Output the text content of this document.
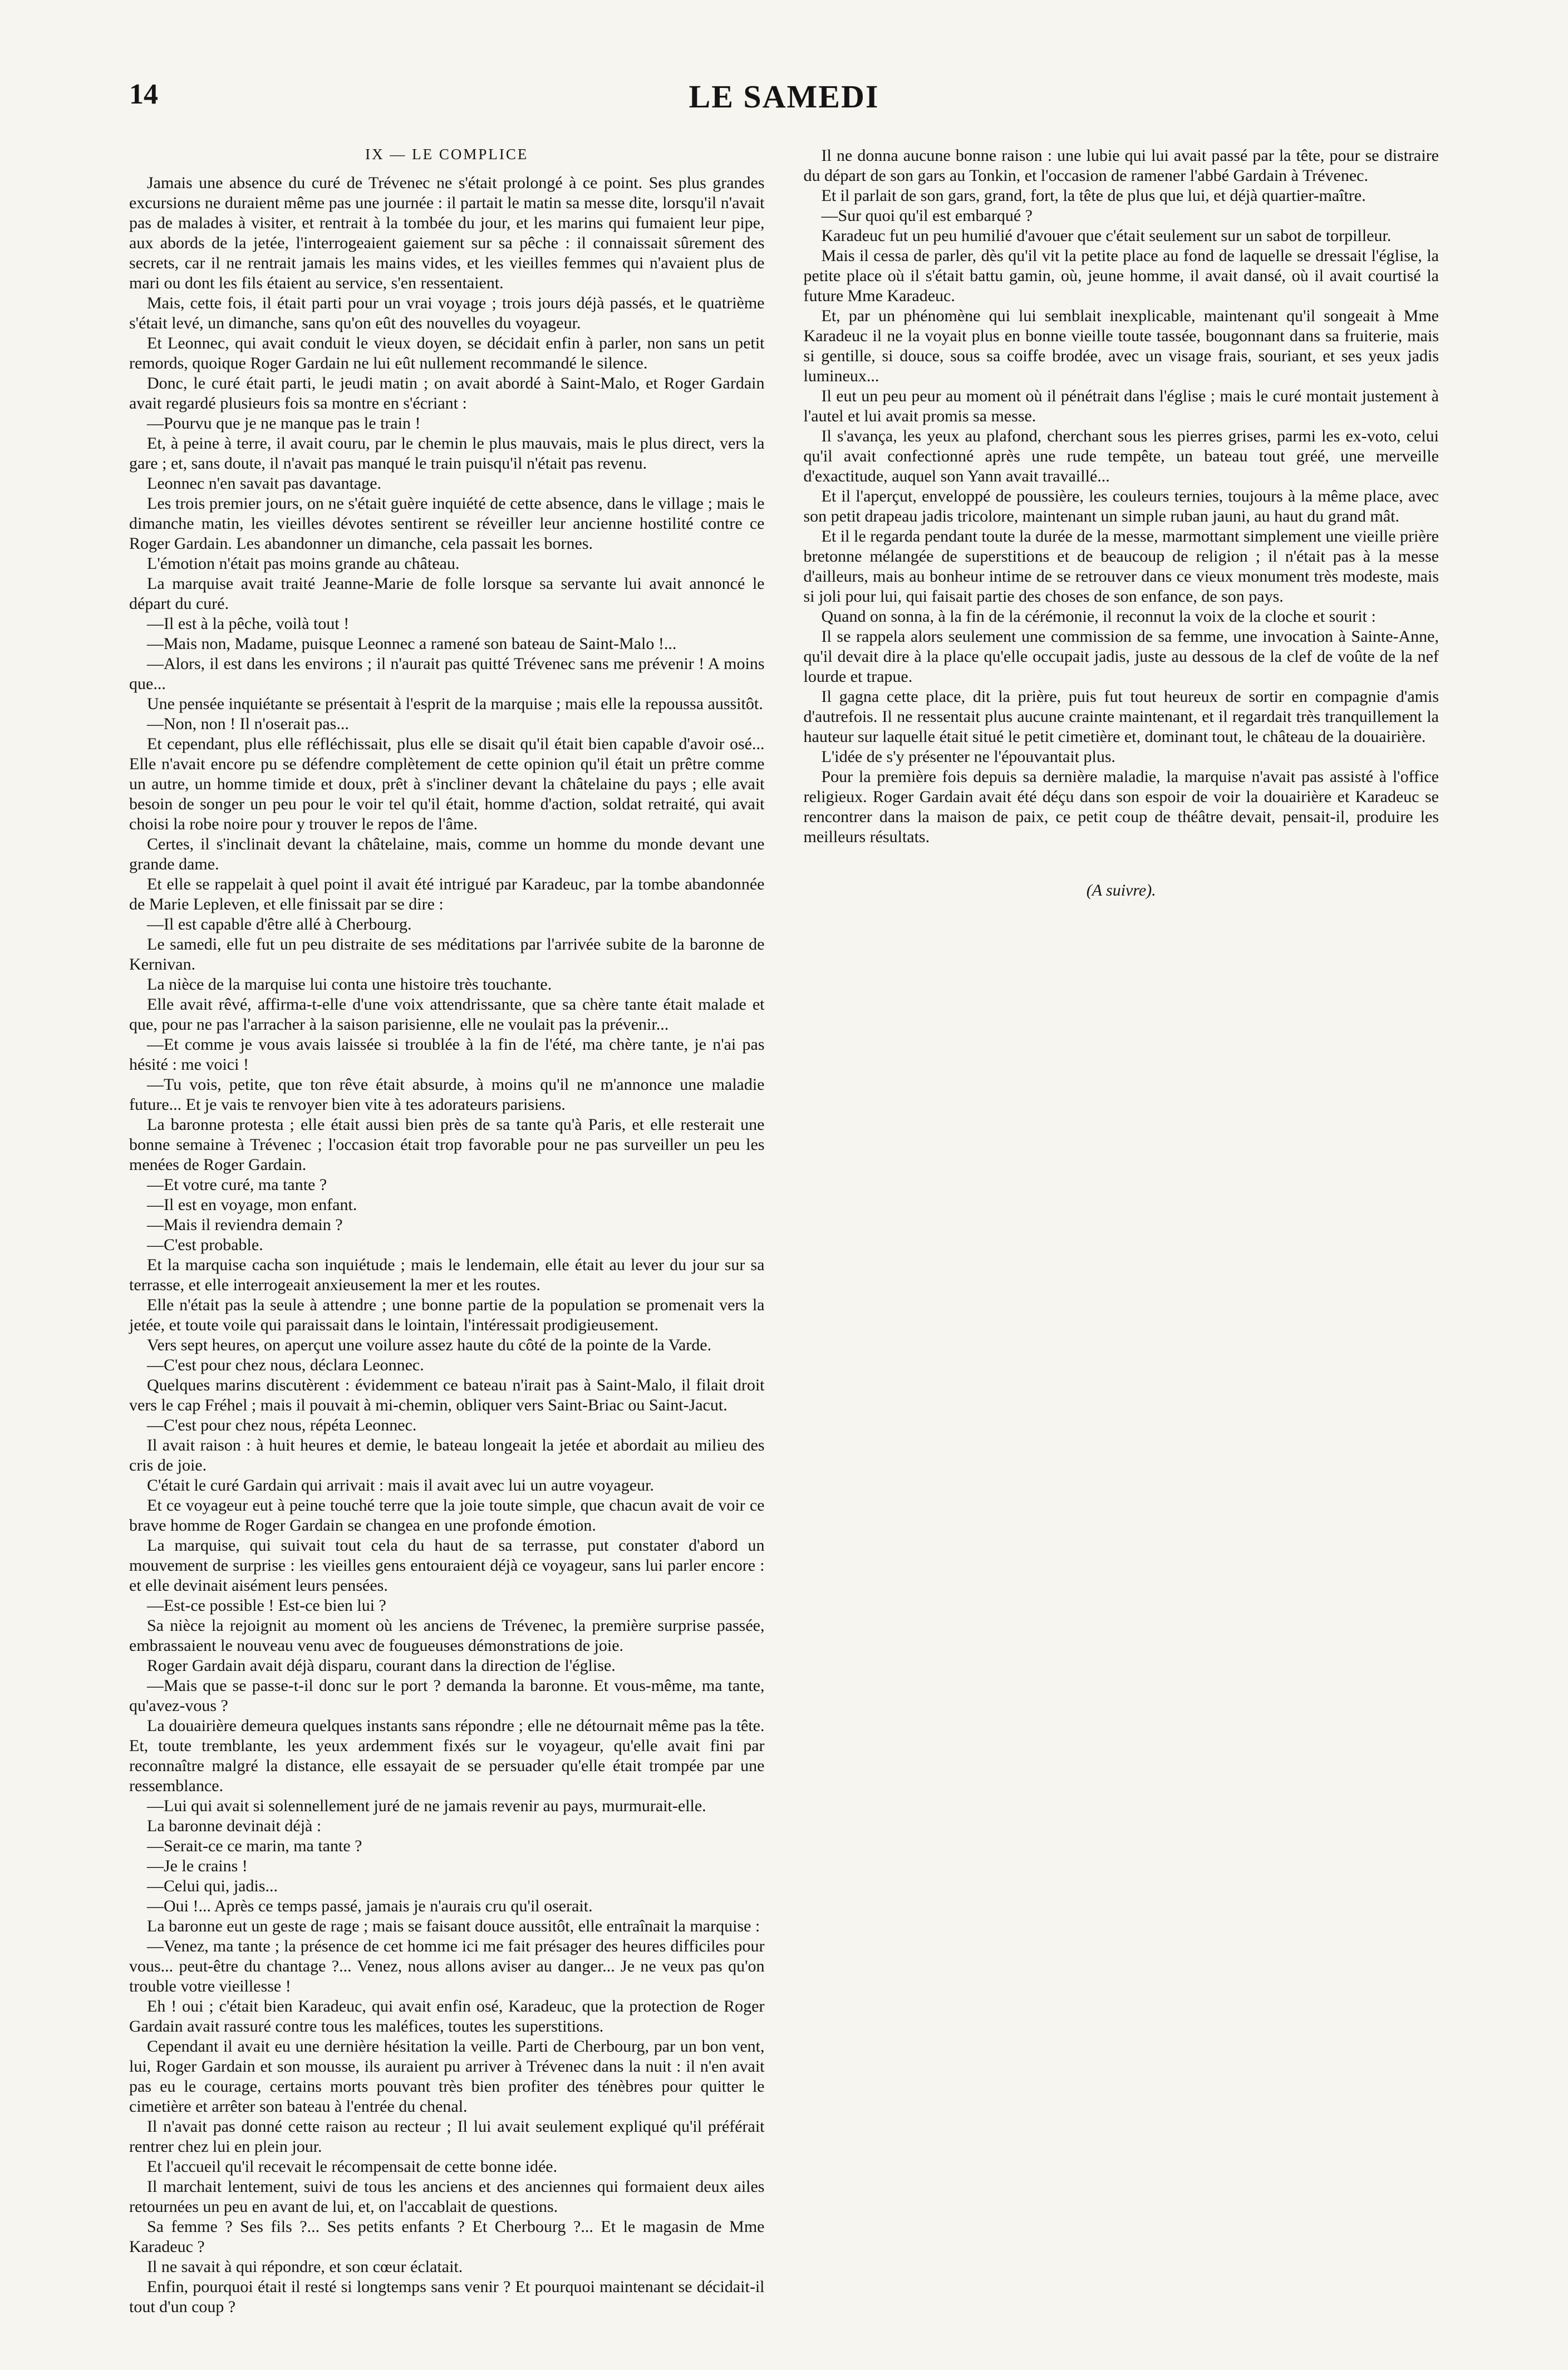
14	LE SAMEDI
IX — LE COMPLICE

Jamais une absence du curé de Trévenec ne s'était prolongé à ce point. Ses plus grandes excursions ne duraient même pas une journée : il partait le matin sa messe dite, lorsqu'il n'avait pas de malades à visiter, et rentrait à la tombée du jour, et les marins qui fumaient leur pipe, aux abords de la jetée, l'interrogeaient gaiement sur sa pêche : il connaissait sûrement des secrets, car il ne rentrait jamais les mains vides, et les vieilles femmes qui n'avaient plus de mari ou dont les fils étaient au service, s'en ressentaient.

Mais, cette fois, il était parti pour un vrai voyage ; trois jours déjà passés, et le quatrième s'était levé, un dimanche, sans qu'on eût des nouvelles du voyageur.

Et Leonnec, qui avait conduit le vieux doyen, se décidait enfin à parler, non sans un petit remords, quoique Roger Gardain ne lui eût nullement recommandé le silence.

Donc, le curé était parti, le jeudi matin ; on avait abordé à Saint-Malo, et Roger Gardain avait regardé plusieurs fois sa montre en s'écriant :

—Pourvu que je ne manque pas le train !

Et, à peine à terre, il avait couru, par le chemin le plus mauvais, mais le plus direct, vers la gare ; et, sans doute, il n'avait pas manqué le train puisqu'il n'était pas revenu.

Leonnec n'en savait pas davantage.

Les trois premier jours, on ne s'était guère inquiété de cette absence, dans le village ; mais le dimanche matin, les vieilles dévotes sentirent se réveiller leur ancienne hostilité contre ce Roger Gardain. Les abandonner un dimanche, cela passait les bornes.

L'émotion n'était pas moins grande au château.

La marquise avait traité Jeanne-Marie de folle lorsque sa servante lui avait annoncé le départ du curé.

—Il est à la pêche, voilà tout !

—Mais non, Madame, puisque Leonnec a ramené son bateau de Saint-Malo !...

—Alors, il est dans les environs ; il n'aurait pas quitté Trévenec sans me prévenir ! A moins que...

Une pensée inquiétante se présentait à l'esprit de la marquise ; mais elle la repoussa aussitôt.

—Non, non ! Il n'oserait pas...

Et cependant, plus elle réfléchissait, plus elle se disait qu'il était bien capable d'avoir osé... Elle n'avait encore pu se défendre complètement de cette opinion qu'il était un prêtre comme un autre, un homme timide et doux, prêt à s'incliner devant la châtelaine du pays ; elle avait besoin de songer un peu pour le voir tel qu'il était, homme d'action, soldat retraité, qui avait choisi la robe noire pour y trouver le repos de l'âme.

Certes, il s'inclinait devant la châtelaine, mais, comme un homme du monde devant une grande dame.

Et elle se rappelait à quel point il avait été intrigué par Karadeuc, par la tombe abandonnée de Marie Lepleven, et elle finissait par se dire :

—Il est capable d'être allé à Cherbourg.

Le samedi, elle fut un peu distraite de ses méditations par l'arrivée subite de la baronne de Kernivan.

La nièce de la marquise lui conta une histoire très touchante.

Elle avait rêvé, affirma-t-elle d'une voix attendrissante, que sa chère tante était malade et que, pour ne pas l'arracher à la saison parisienne, elle ne voulait pas la prévenir...

—Et comme je vous avais laissée si troublée à la fin de l'été, ma chère tante, je n'ai pas hésité : me voici !

—Tu vois, petite, que ton rêve était absurde, à moins qu'il ne m'annonce une maladie future... Et je vais te renvoyer bien vite à tes adorateurs parisiens.

La baronne protesta ; elle était aussi bien près de sa tante qu'à Paris, et elle resterait une bonne semaine à Trévenec ; l'occasion était trop favorable pour ne pas surveiller un peu les menées de Roger Gardain.

—Et votre curé, ma tante ?

—Il est en voyage, mon enfant.

—Mais il reviendra demain ?

—C'est probable.

Et la marquise cacha son inquiétude ; mais le lendemain, elle était au lever du jour sur sa terrasse, et elle interrogeait anxieusement la mer et les routes.

Elle n'était pas la seule à attendre ; une bonne partie de la population se promenait vers la jetée, et toute voile qui paraissait dans le lointain, l'intéressait prodigieusement.

Vers sept heures, on aperçut une voilure assez haute du côté de la pointe de la Varde.

—C'est pour chez nous, déclara Leonnec.

Quelques marins discutèrent : évidemment ce bateau n'irait pas à Saint-Malo, il filait droit vers le cap Fréhel ; mais il pouvait à mi-chemin, obliquer vers Saint-Briac ou Saint-Jacut.

—C'est pour chez nous, répéta Leonnec.

Il avait raison : à huit heures et demie, le bateau longeait la jetée et abordait au milieu des cris de joie.

C'était le curé Gardain qui arrivait : mais il avait avec lui un autre voyageur.

Et ce voyageur eut à peine touché terre que la joie toute simple, que chacun avait de voir ce brave homme de Roger Gardain se changea en une profonde émotion.

La marquise, qui suivait tout cela du haut de sa terrasse, put constater d'abord un mouvement de surprise : les vieilles gens entouraient déjà ce voyageur, sans lui parler encore : et elle devinait aisément leurs pensées.

—Est-ce possible ! Est-ce bien lui ?

Sa nièce la rejoignit au moment où les anciens de Trévenec, la première surprise passée, embrassaient le nouveau venu avec de fougueuses démonstrations de joie.

Roger Gardain avait déjà disparu, courant dans la direction de l'église.

—Mais que se passe-t-il donc sur le port ? demanda la baronne. Et vous-même, ma tante, qu'avez-vous ?

La douairière demeura quelques instants sans répondre ; elle ne détournait même pas la tête. Et, toute tremblante, les yeux ardemment fixés sur le voyageur, qu'elle avait fini par reconnaître malgré la distance, elle essayait de se persuader qu'elle était trompée par une ressemblance.

—Lui qui avait si solennellement juré de ne jamais revenir au pays, murmurait-elle.

La baronne devinait déjà :

—Serait-ce ce marin, ma tante ?

—Je le crains !

—Celui qui, jadis...

—Oui !... Après ce temps passé, jamais je n'aurais cru qu'il oserait.

La baronne eut un geste de rage ; mais se faisant douce aussitôt, elle entraînait la marquise :

—Venez, ma tante ; la présence de cet homme ici me fait présager des heures difficiles pour vous... peut-être du chantage ?... Venez, nous allons aviser au danger... Je ne veux pas qu'on trouble votre vieillesse !

Eh ! oui ; c'était bien Karadeuc, qui avait enfin osé, Karadeuc, que la protection de Roger Gardain avait rassuré contre tous les maléfices, toutes les superstitions.

Cependant il avait eu une dernière hésitation la veille. Parti de Cherbourg, par un bon vent, lui, Roger Gardain et son mousse, ils auraient pu arriver à Trévenec dans la nuit : il n'en avait pas eu le courage, certains morts pouvant très bien profiter des ténèbres pour quitter le cimetière et arrêter son bateau à l'entrée du chenal.

Il n'avait pas donné cette raison au recteur ; Il lui avait seulement expliqué qu'il préférait rentrer chez lui en plein jour.

Et l'accueil qu'il recevait le récompensait de cette bonne idée.

Il marchait lentement, suivi de tous les anciens et des anciennes qui formaient deux ailes retournées un peu en avant de lui, et, on l'accablait de questions.

Sa femme ? Ses fils ?... Ses petits enfants ? Et Cherbourg ?... Et le magasin de Mme Karadeuc ?

Il ne savait à qui répondre, et son cœur éclatait.

Enfin, pourquoi était il resté si longtemps sans venir ? Et pourquoi maintenant se décidait-il tout d'un coup ?

Il ne donna aucune bonne raison : une lubie qui lui avait passé par la tête, pour se distraire du départ de son gars au Tonkin, et l'occasion de ramener l'abbé Gardain à Trévenec.

Et il parlait de son gars, grand, fort, la tête de plus que lui, et déjà quartier-maître.

—Sur quoi qu'il est embarqué ?

Karadeuc fut un peu humilié d'avouer que c'était seulement sur un sabot de torpilleur.

Mais il cessa de parler, dès qu'il vit la petite place au fond de laquelle se dressait l'église, la petite place où il s'était battu gamin, où, jeune homme, il avait dansé, où il avait courtisé la future Mme Karadeuc.

Et, par un phénomène qui lui semblait inexplicable, maintenant qu'il songeait à Mme Karadeuc il ne la voyait plus en bonne vieille toute tassée, bougonnant dans sa fruiterie, mais si gentille, si douce, sous sa coiffe brodée, avec un visage frais, souriant, et ses yeux jadis lumineux...

Il eut un peu peur au moment où il pénétrait dans l'église ; mais le curé montait justement à l'autel et lui avait promis sa messe.

Il s'avança, les yeux au plafond, cherchant sous les pierres grises, parmi les ex-voto, celui qu'il avait confectionné après une rude tempête, un bateau tout gréé, une merveille d'exactitude, auquel son Yann avait travaillé...

Et il l'aperçut, enveloppé de poussière, les couleurs ternies, toujours à la même place, avec son petit drapeau jadis tricolore, maintenant un simple ruban jauni, au haut du grand mât.

Et il le regarda pendant toute la durée de la messe, marmottant simplement une vieille prière bretonne mélangée de superstitions et de beaucoup de religion ; il n'était pas à la messe d'ailleurs, mais au bonheur intime de se retrouver dans ce vieux monument très modeste, mais si joli pour lui, qui faisait partie des choses de son enfance, de son pays.

Quand on sonna, à la fin de la cérémonie, il reconnut la voix de la cloche et sourit :

Il se rappela alors seulement une commission de sa femme, une invocation à Sainte-Anne, qu'il devait dire à la place qu'elle occupait jadis, juste au dessous de la clef de voûte de la nef lourde et trapue.

Il gagna cette place, dit la prière, puis fut tout heureux de sortir en compagnie d'amis d'autrefois. Il ne ressentait plus aucune crainte maintenant, et il regardait très tranquillement la hauteur sur laquelle était situé le petit cimetière et, dominant tout, le château de la douairière.

L'idée de s'y présenter ne l'épouvantait plus.

Pour la première fois depuis sa dernière maladie, la marquise n'avait pas assisté à l'office religieux. Roger Gardain avait été déçu dans son espoir de voir la douairière et Karadeuc se rencontrer dans la maison de paix, ce petit coup de théâtre devait, pensait-il, produire les meilleurs résultats.

(A suivre).
